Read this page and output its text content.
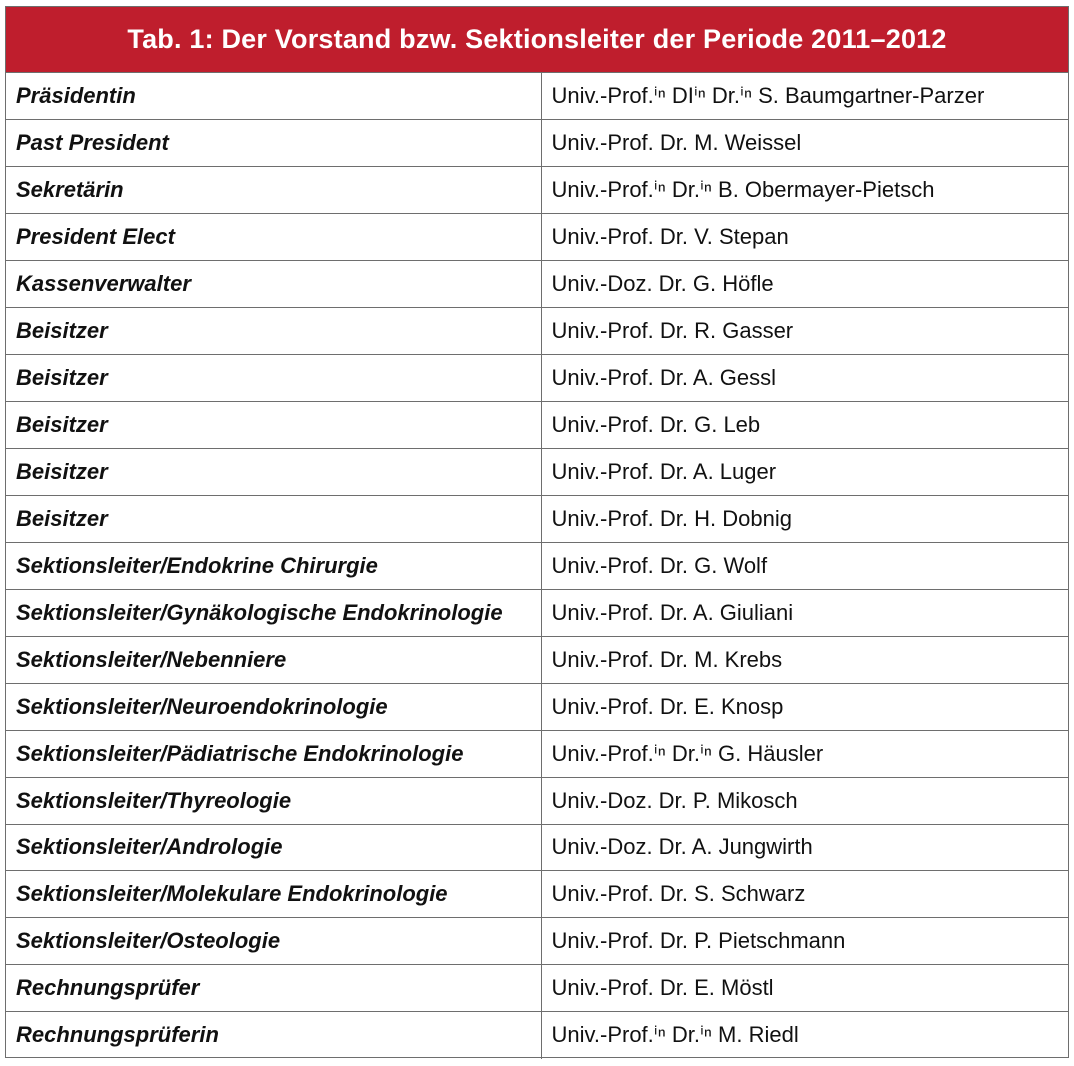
Tab. 1: Der Vorstand bzw. Sektionsleiter der Periode 2011–2012
Präsidentin	Univ.-Prof.ⁱⁿ DIⁱⁿ Dr.ⁱⁿ S. Baumgartner-Parzer
Past President	Univ.-Prof. Dr. M. Weissel
Sekretärin	Univ.-Prof.ⁱⁿ Dr.ⁱⁿ B. Obermayer-Pietsch
President Elect	Univ.-Prof. Dr. V. Stepan
Kassenverwalter	Univ.-Doz. Dr. G. Höfle
Beisitzer	Univ.-Prof. Dr. R. Gasser
Beisitzer	Univ.-Prof. Dr. A. Gessl
Beisitzer	Univ.-Prof. Dr. G. Leb
Beisitzer	Univ.-Prof. Dr. A. Luger
Beisitzer	Univ.-Prof. Dr. H. Dobnig
Sektionsleiter/Endokrine Chirurgie	Univ.-Prof. Dr. G. Wolf
Sektionsleiter/Gynäkologische Endokrinologie	Univ.-Prof. Dr. A. Giuliani
Sektionsleiter/Nebenniere	Univ.-Prof. Dr. M. Krebs
Sektionsleiter/Neuroendokrinologie	Univ.-Prof. Dr. E. Knosp
Sektionsleiter/Pädiatrische Endokrinologie	Univ.-Prof.ⁱⁿ Dr.ⁱⁿ G. Häusler
Sektionsleiter/Thyreologie	Univ.-Doz. Dr. P. Mikosch
Sektionsleiter/Andrologie	Univ.-Doz. Dr. A. Jungwirth
Sektionsleiter/Molekulare Endokrinologie	Univ.-Prof. Dr. S. Schwarz
Sektionsleiter/Osteologie	Univ.-Prof. Dr. P. Pietschmann
Rechnungsprüfer	Univ.-Prof. Dr. E. Möstl
Rechnungsprüferin	Univ.-Prof.ⁱⁿ Dr.ⁱⁿ M. Riedl
